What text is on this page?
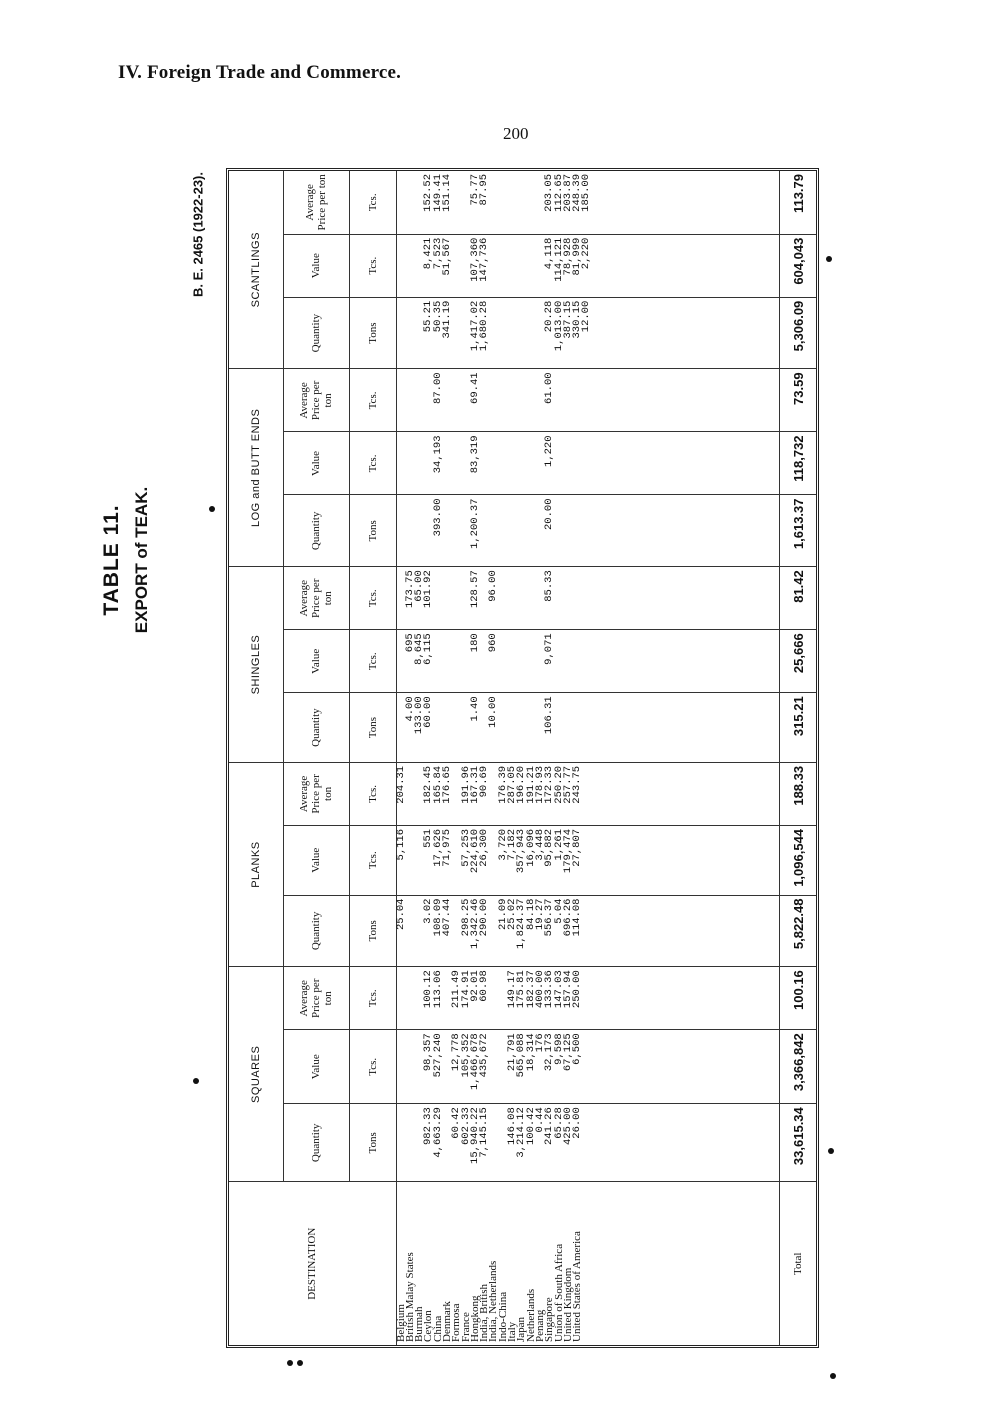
IV. Foreign Trade and Commerce.
200
TABLE 11. EXPORT of TEAK.
B. E. 2465 (1922-23).
DESTINATION	SQUARES			PLANKS			SHINGLES			LOG and BUTT ENDS			SCANTLINGS		
	Quantity	Value	Average Price per ton	Quantity	Value	Average Price per ton	Quantity	Value	Average Price per ton	Quantity	Value	Average Price per ton	Quantity	Value	Average Price per ton
	Tons	Tcs.	Tcs.	Tons	Tcs.	Tcs.	Tons	Tcs.	Tcs.	Tons	Tcs.	Tcs.	Tons	Tcs.	Tcs.
Belgium				25.04	5,116	204.31									
British Malay States							4.00	695	173.75						
Burmah							133.00	8,645	65.00						
Ceylon	982.33	98,357	100.12	3.02	551	182.45	60.00	6,115	101.92				55.21	8,421	152.52
China	4,663.29	527,240	113.06	108.09	17,626	165.84				393.00	34,193	87.00	50.35	7,523	149.41
Denmark				407.44	71,975	176.65							341.19	51,567	151.14
Formosa	60.42	12,778	211.49												
France	602.33	105,352	174.91	298.25	57,253	191.96									
Hongkong	15,940.22	1,466,678	92.01	1,342.46	224,610	167.31	1.40	180	128.57	1,200.37	83,319	69.41	1,417.02	107,360	75.77
India, British	7,145.15	435,672	60.98	290.00	26,300	90.69							1,680.28	147,736	87.95
India, Netherlands							10.00	960	96.00						
Indo-China				21.09	3,720	176.39									
Italy	146.08	21,791	149.17	25.02	7,182	287.05									
Japan	3,214.12	565,088	175.81	1,824.37	357,943	196.20									
Netherlands	100.42	18,314	182.37	84.18	16,096	191.21									
Penang	0.44	176	400.00	19.27	3,448	178.93									
Singapore	241.26	32,173	133.36	556.37	95,882	172.33	106.31	9,071	85.33	20.00	1,220	61.00	20.28	4,118	203.05
Union of South Africa	65.28	9,598	147.03	5.04	1,261	250.20							1,013.00	114,121	112.65
United Kingdom	425.00	67,125	157.94	696.26	179,474	257.77							387.15	78,928	203.87
United States of America	26.00	6,500	250.00	114.08	27,807	243.75							330.15	81,999	248.39
													12.00	2,220	185.00

Total	33,615.34	3,366,842	100.16	5,822.48	1,096,544	188.33	315.21	25,666	81.42	1,613.37	118,732	73.59	5,306.09	604,043	113.79
